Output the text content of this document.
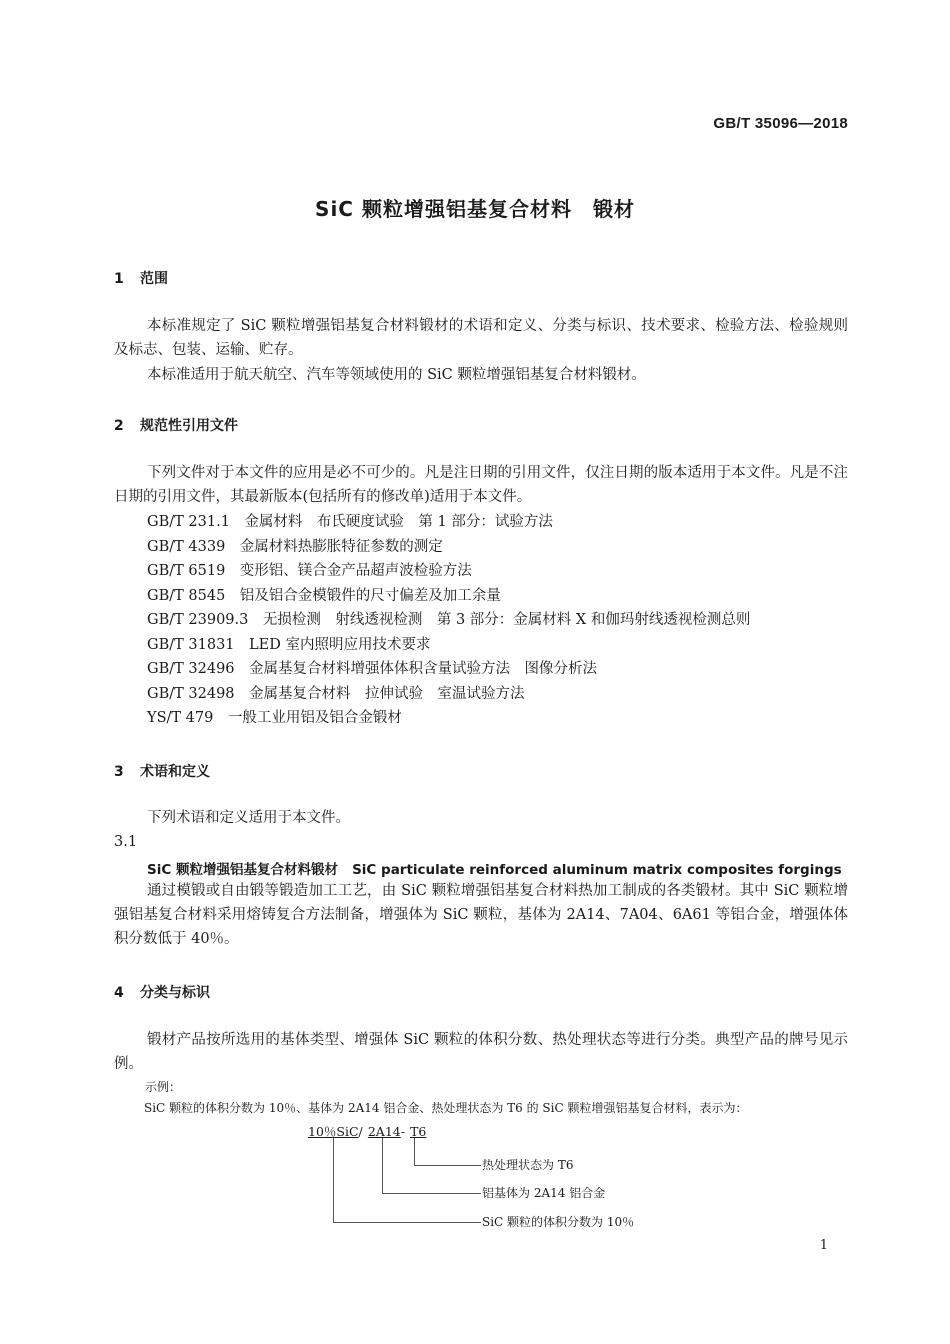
GB/T 35096—2018
SiC 颗粒增强铝基复合材料　锻材
1 范围
本标准规定了 SiC 颗粒增强铝基复合材料锻材的术语和定义、分类与标识、技术要求、检验方法、检验规则及标志、包装、运输、贮存。
本标准适用于航天航空、汽车等领域使用的 SiC 颗粒增强铝基复合材料锻材。
2 规范性引用文件
下列文件对于本文件的应用是必不可少的。凡是注日期的引用文件，仅注日期的版本适用于本文件。凡是不注日期的引用文件，其最新版本(包括所有的修改单)适用于本文件。
GB/T 231.1　金属材料　布氏硬度试验　第 1 部分：试验方法
GB/T 4339　金属材料热膨胀特征参数的测定
GB/T 6519　变形铝、镁合金产品超声波检验方法
GB/T 8545　铝及铝合金模锻件的尺寸偏差及加工余量
GB/T 23909.3　无损检测　射线透视检测　第 3 部分：金属材料 X 和伽玛射线透视检测总则
GB/T 31831　LED 室内照明应用技术要求
GB/T 32496　金属基复合材料增强体体积含量试验方法　图像分析法
GB/T 32498　金属基复合材料　拉伸试验　室温试验方法
YS/T 479　一般工业用铝及铝合金锻材
3 术语和定义
下列术语和定义适用于本文件。
3.1
SiC 颗粒增强铝基复合材料锻材 SiC particulate reinforced aluminum matrix composites forgings
通过模锻或自由锻等锻造加工工艺，由 SiC 颗粒增强铝基复合材料热加工制成的各类锻材。其中 SiC 颗粒增强铝基复合材料采用熔铸复合方法制备，增强体为 SiC 颗粒，基体为 2A14、7A04、6A61 等铝合金，增强体体积分数低于 40％。
4 分类与标识
锻材产品按所选用的基体类型、增强体 SiC 颗粒的体积分数、热处理状态等进行分类。典型产品的牌号见示例。
示例：
SiC 颗粒的体积分数为 10％、基体为 2A14 铝合金、热处理状态为 T6 的 SiC 颗粒增强铝基复合材料，表示为：
10％SiC/ 2A14- T6
热处理状态为 T6
铝基体为 2A14 铝合金
SiC 颗粒的体积分数为 10％
1
